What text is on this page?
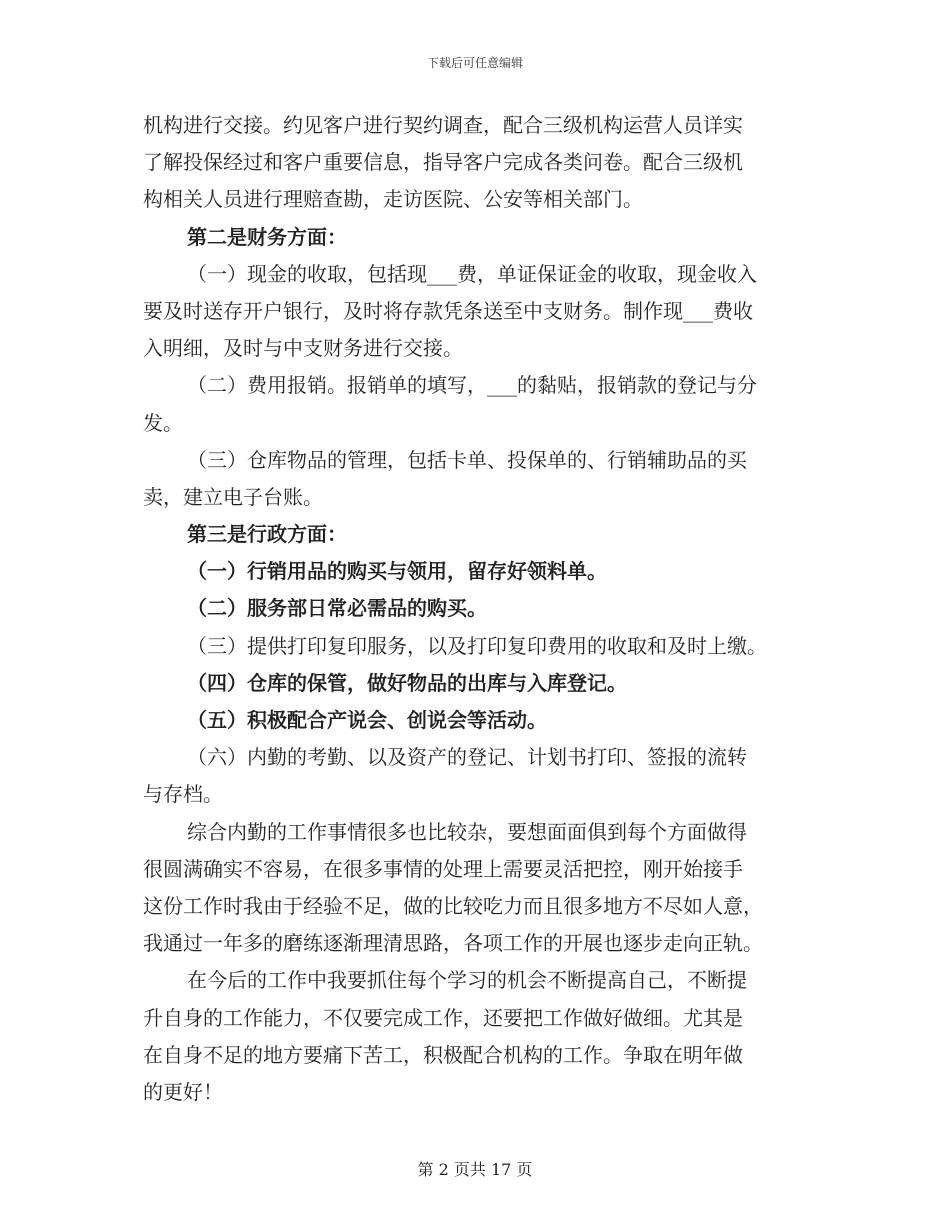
下载后可任意编辑
机构进行交接。约见客户进行契约调查，配合三级机构运营人员详实
了解投保经过和客户重要信息，指导客户完成各类问卷。配合三级机
构相关人员进行理赔查勘，走访医院、公安等相关部门。
第二是财务方面：
（一）现金的收取，包括现___费，单证保证金的收取，现金收入
要及时送存开户银行，及时将存款凭条送至中支财务。制作现___费收
入明细，及时与中支财务进行交接。
（二）费用报销。报销单的填写，___的黏贴，报销款的登记与分
发。
（三）仓库物品的管理，包括卡单、投保单的、行销辅助品的买
卖，建立电子台账。
第三是行政方面：
（一）行销用品的购买与领用，留存好领料单。
（二）服务部日常必需品的购买。
（三）提供打印复印服务，以及打印复印费用的收取和及时上缴。
（四）仓库的保管，做好物品的出库与入库登记。
（五）积极配合产说会、创说会等活动。
（六）内勤的考勤、以及资产的登记、计划书打印、签报的流转
与存档。
综合内勤的工作事情很多也比较杂，要想面面俱到每个方面做得
很圆满确实不容易，在很多事情的处理上需要灵活把控，刚开始接手
这份工作时我由于经验不足，做的比较吃力而且很多地方不尽如人意，
我通过一年多的磨练逐渐理清思路，各项工作的开展也逐步走向正轨。
在今后的工作中我要抓住每个学习的机会不断提高自己，不断提
升自身的工作能力，不仅要完成工作，还要把工作做好做细。尤其是
在自身不足的地方要痛下苦工，积极配合机构的工作。争取在明年做
的更好！
第 2 页共 17 页
